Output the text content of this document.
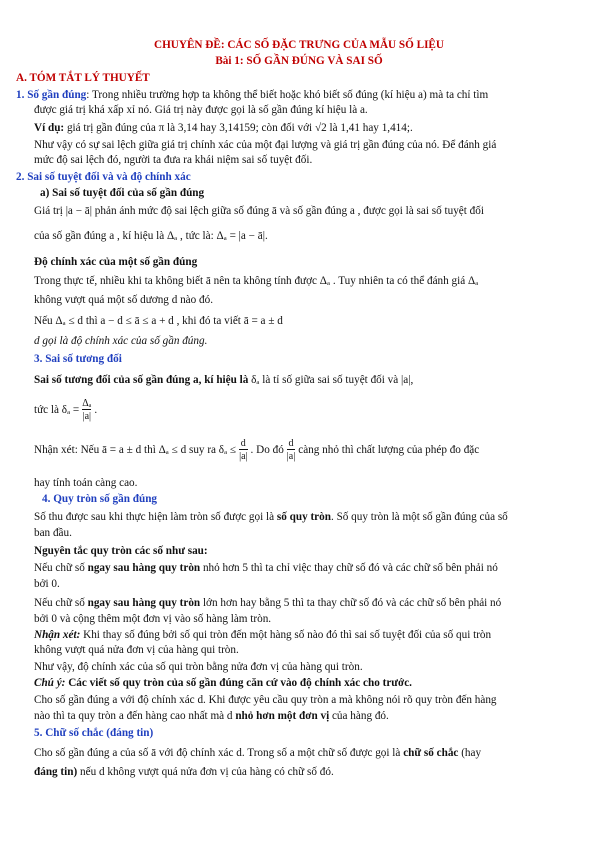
CHUYÊN ĐỀ: CÁC SỐ ĐẶC TRƯNG CỦA MẪU SỐ LIỆU
Bài 1: SỐ GẦN ĐÚNG VÀ SAI SỐ
A. TÓM TẮT LÝ THUYẾT
1. Số gần đúng: Trong nhiều trường hợp ta không thể biết hoặc khó biết số đúng (kí hiệu a) mà ta chỉ tìm
được giá trị khá xấp xỉ nó. Giá trị này được gọi là số gần đúng kí hiệu là a.
Ví dụ: giá trị gần đúng của π là 3,14 hay 3,14159; còn đối với √2 là 1,41 hay 1,414;.
Như vậy có sự sai lệch giữa giá trị chính xác của một đại lượng và giá trị gần đúng của nó. Để đánh giá
mức độ sai lệch đó, người ta đưa ra khái niệm sai số tuyệt đối.
2. Sai số tuyệt đối và và độ chính xác
a) Sai số tuyệt đối của số gần đúng
Giá trị |a − ā| phản ánh mức độ sai lệch giữa số đúng ā và số gần đúng a , được gọi là sai số tuyệt đối
của số gần đúng a , kí hiệu là Δₐ , tức là: Δₐ = |a − ā|.
Độ chính xác của một số gần đúng
Trong thực tế, nhiều khi ta không biết ā nên ta không tính được Δₐ . Tuy nhiên ta có thể đánh giá Δₐ
không vượt quá một số dương d nào đó.
Nếu Δₐ ≤ d thì a − d ≤ ā ≤ a + d , khi đó ta viết ā = a ± d
d gọi là độ chính xác của số gần đúng.
3. Sai số tương đối
Sai số tương đối của số gần đúng a, kí hiệu là δₐ là tỉ số giữa sai số tuyệt đối và |a|,
tức là $\delta_a = \frac{\text{Δₐ}}{|a|}$ .
Nhận xét: Nếu ā = a ± d thì Δₐ ≤ d suy ra $\delta_a \le \frac{d}{|a|}$ . Do đó $\frac{d}{|a|}$ càng nhỏ thì chất lượng của phép đo đặc
hay tính toán càng cao.
4. Quy tròn số gần đúng
Số thu được sau khi thực hiện làm tròn số được gọi là số quy tròn. Số quy tròn là một số gần đúng của số
ban đầu.
Nguyên tắc quy tròn các số như sau:
Nếu chữ số ngay sau hàng quy tròn nhỏ hơn 5 thì ta chỉ việc thay chữ số đó và các chữ số bên phải nó
bởi 0.
Nếu chữ số ngay sau hàng quy tròn lớn hơn hay bằng 5 thì ta thay chữ số đó và các chữ số bên phải nó
bởi 0 và cộng thêm một đơn vị vào số hàng làm tròn.
Nhận xét: Khi thay số đúng bởi số qui tròn đến một hàng số nào đó thì sai số tuyệt đối của số qui tròn
không vượt quá nửa đơn vị của hàng qui tròn.
Như vậy, độ chính xác của số qui tròn bằng nửa đơn vị của hàng qui tròn.
Chú ý: Các viết số quy tròn của số gần đúng căn cứ vào độ chính xác cho trước.
Cho số gần đúng a với độ chính xác d. Khi được yêu cầu quy tròn a mà không nói rõ quy tròn đến hàng
nào thì ta quy tròn a đến hàng cao nhất mà d nhỏ hơn một đơn vị của hàng đó.
5. Chữ số chắc (đáng tin)
Cho số gần đúng a của số ā với độ chính xác d. Trong số a một chữ số được gọi là chữ số chắc (hay
đáng tin) nếu d không vượt quá nửa đơn vị của hàng có chữ số đó.
